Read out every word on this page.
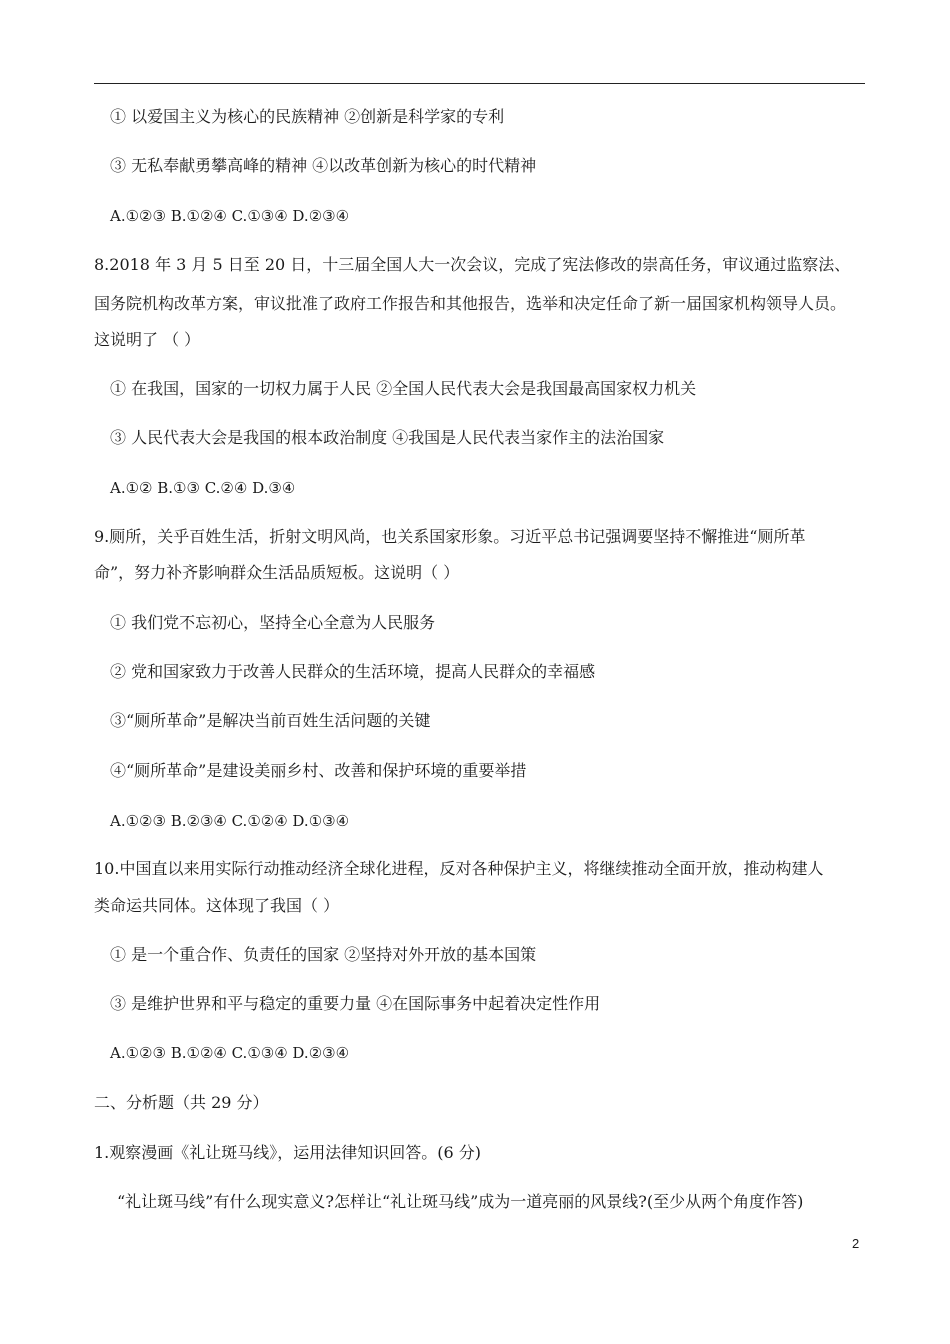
① 以爱国主义为核心的民族精神 ②创新是科学家的专利
③ 无私奉献勇攀高峰的精神 ④以改革创新为核心的时代精神
A.①②③ B.①②④ C.①③④ D.②③④
8.2018 年 3 月 5 日至 20 日，十三届全国人大一次会议，完成了宪法修改的崇高任务，审议通过监察法、
国务院机构改革方案，审议批准了政府工作报告和其他报告，选举和决定任命了新一届国家机构领导人员。
这说明了 （ ）
① 在我国，国家的一切权力属于人民 ②全国人民代表大会是我国最高国家权力机关
③ 人民代表大会是我国的根本政治制度 ④我国是人民代表当家作主的法治国家
A.①② B.①③ C.②④ D.③④
9.厕所，关乎百姓生活，折射文明风尚，也关系国家形象。习近平总书记强调要坚持不懈推进“厕所革
命”，努力补齐影响群众生活品质短板。这说明（ ）
① 我们党不忘初心，坚持全心全意为人民服务
② 党和国家致力于改善人民群众的生活环境，提高人民群众的幸福感
③“厕所革命”是解决当前百姓生活问题的关键
④“厕所革命”是建设美丽乡村、改善和保护环境的重要举措
A.①②③ B.②③④ C.①②④ D.①③④
10.中国直以来用实际行动推动经济全球化进程，反对各种保护主义，将继续推动全面开放，推动构建人
类命运共同体。这体现了我国（ ）
① 是一个重合作、负责任的国家 ②坚持对外开放的基本国策
③ 是维护世界和平与稳定的重要力量 ④在国际事务中起着决定性作用
A.①②③ B.①②④ C.①③④ D.②③④
二、分析题（共 29 分）
1.观察漫画《礼让斑马线》，运用法律知识回答。(6 分)
“礼让斑马线”有什么现实意义?怎样让“礼让斑马线”成为一道亮丽的风景线?(至少从两个角度作答)
2
